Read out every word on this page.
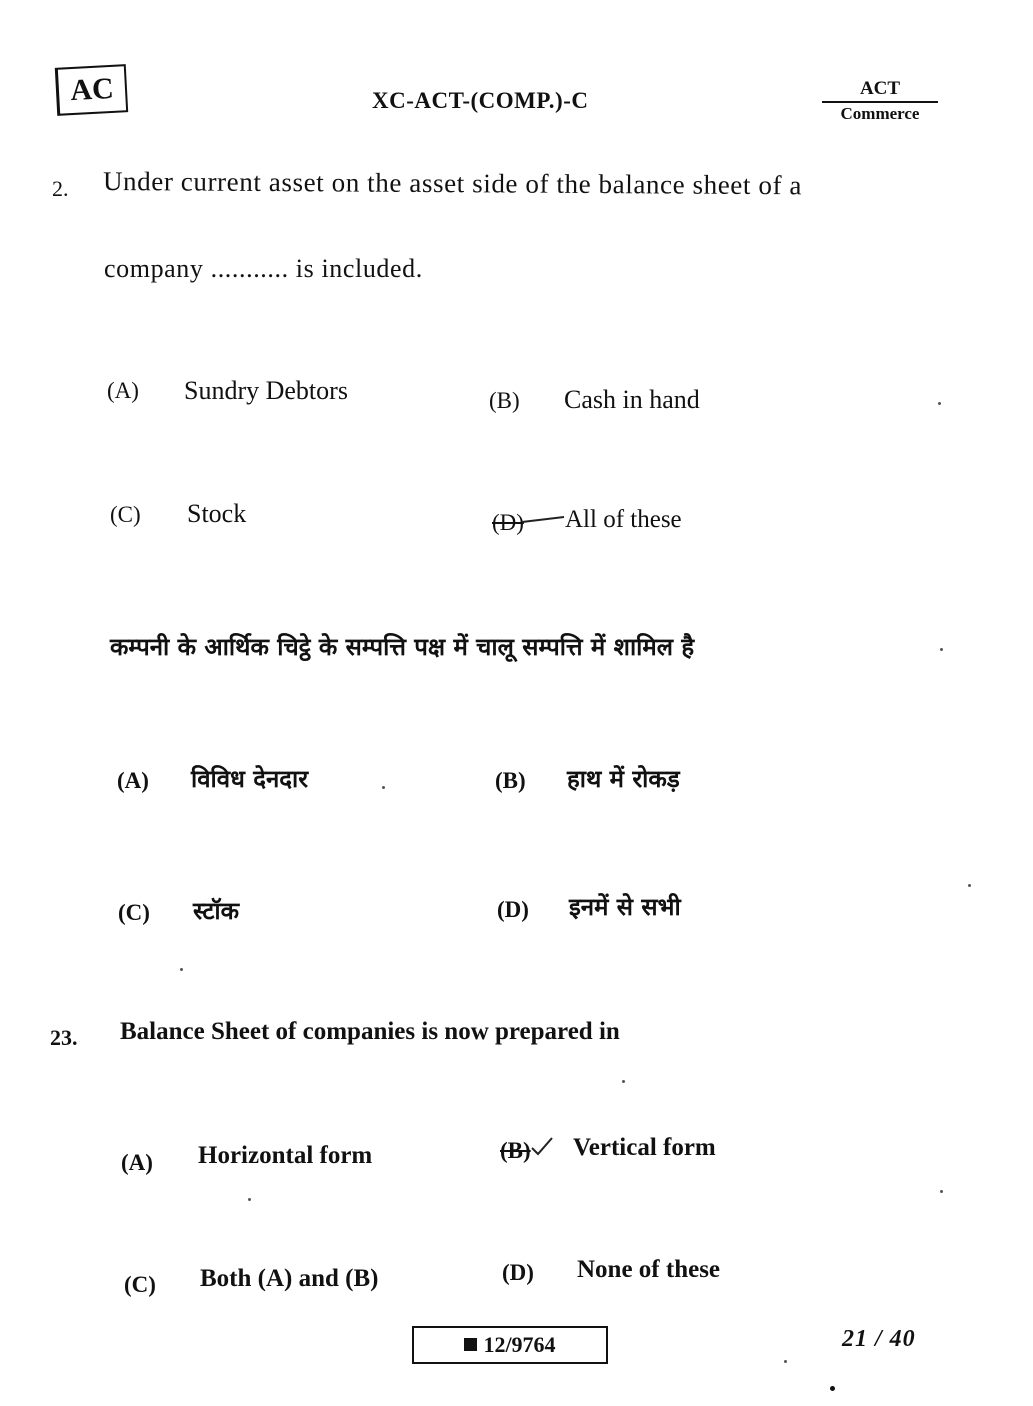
AC	XC-ACT-(COMP.)-C	ACT
Commerce
2. Under current asset on the asset side of the balance sheet of a
company ........... is included.
(A) Sundry Debtors	(B) Cash in hand
(C) Stock	(D) All of these
कम्पनी के आर्थिक चिट्ठे के सम्पत्ति पक्ष में चालू सम्पत्ति में शामिल है
(A) विविध देनदार	(B) हाथ में रोकड़
(C) स्टॉक	(D) इनमें से सभी
23. Balance Sheet of companies is now prepared in
(A) Horizontal form	(B) Vertical form
(C) Both (A) and (B)	(D) None of these
12/9764	21 / 40
